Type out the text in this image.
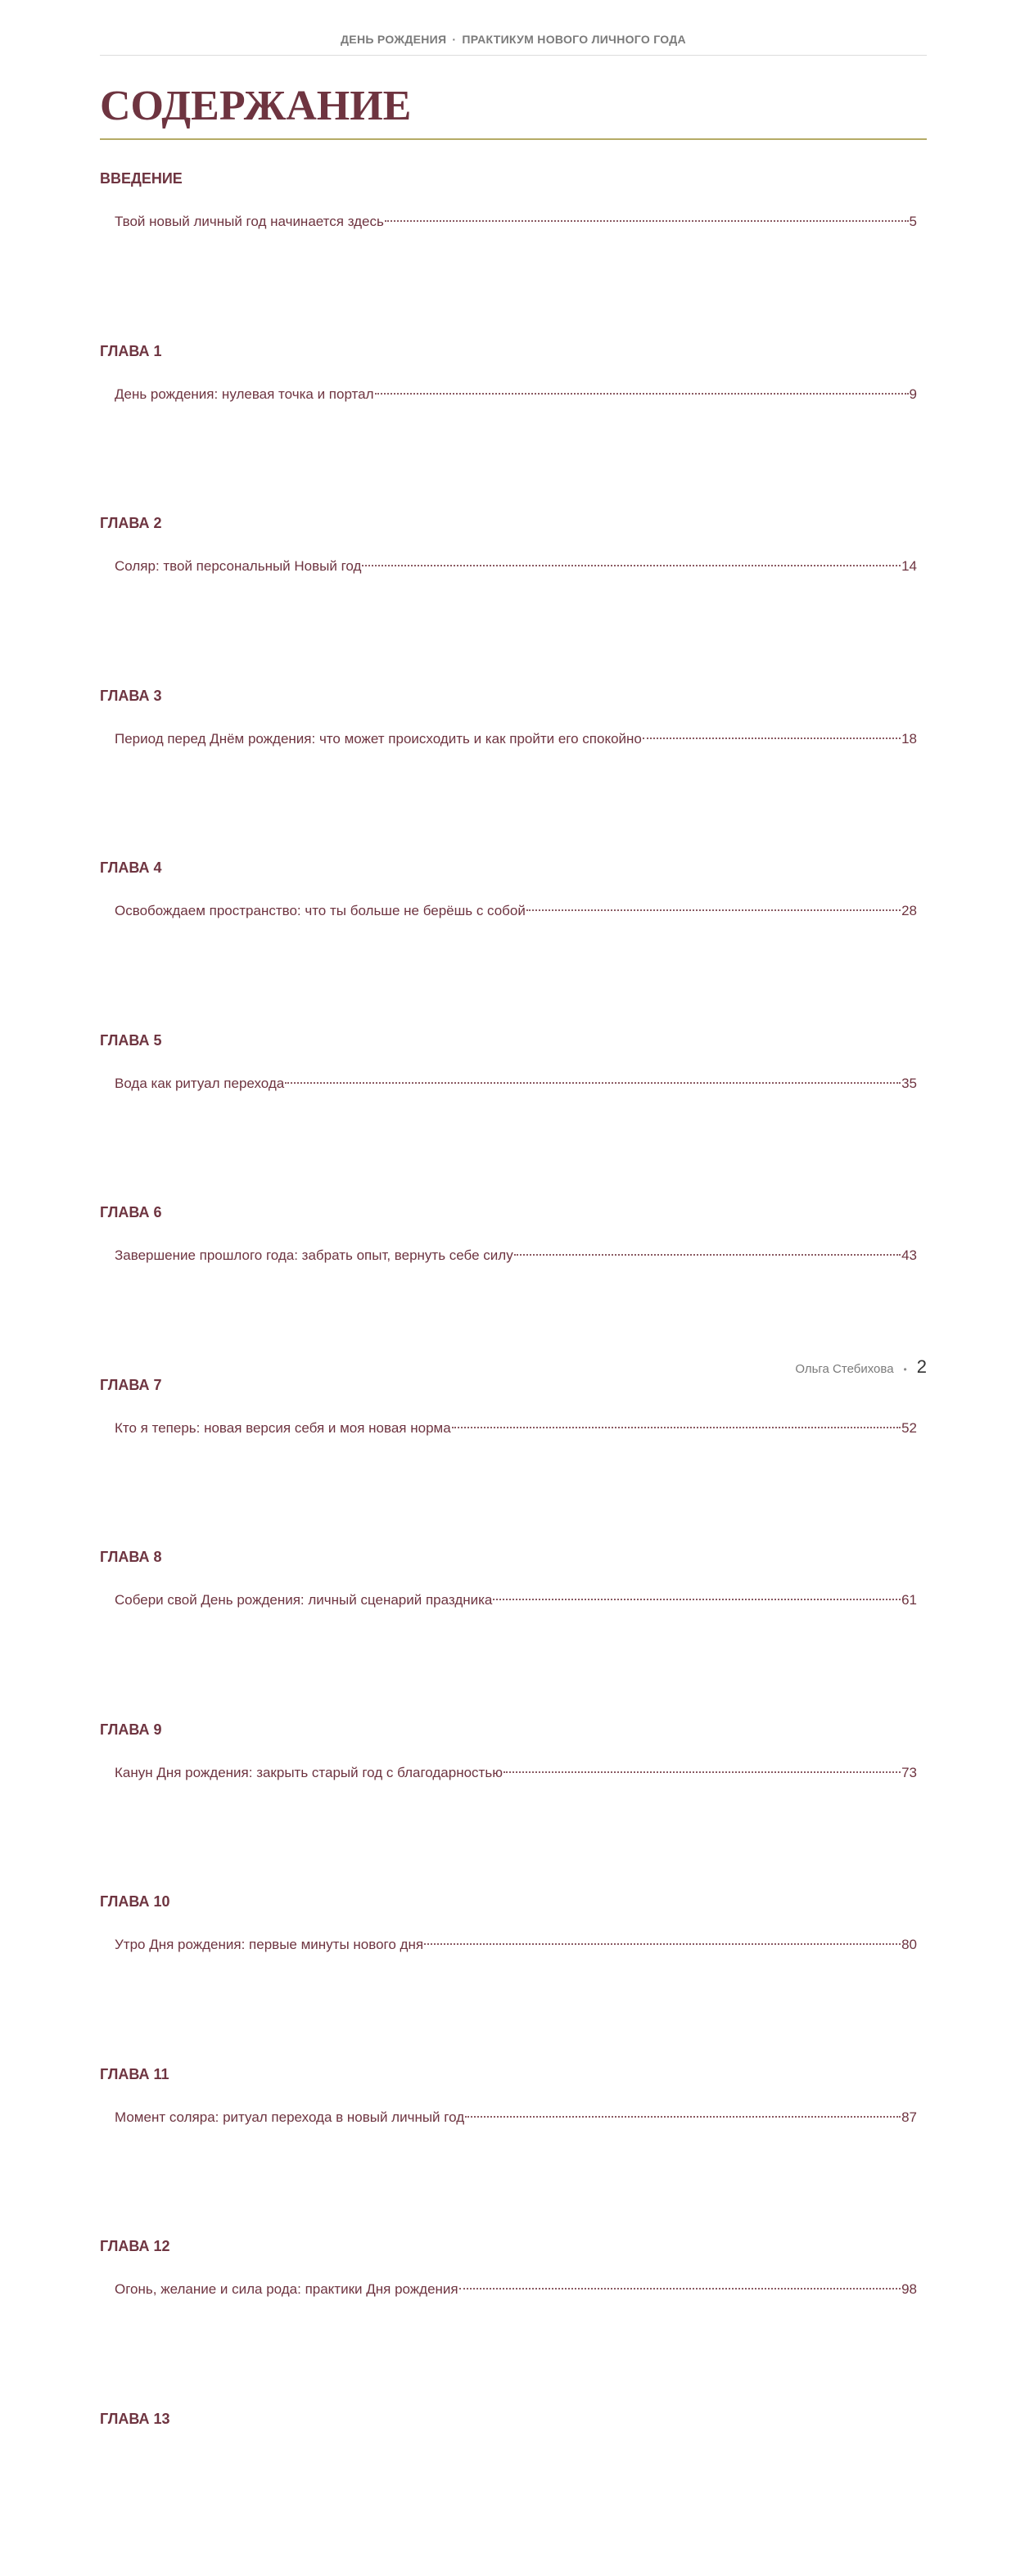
ДЕНЬ РОЖДЕНИЯ · ПРАКТИКУМ НОВОГО ЛИЧНОГО ГОДА
СОДЕРЖАНИЕ
ВВЕДЕНИЕ
Твой новый личный год начинается здесь	5
ГЛАВА 1
День рождения: нулевая точка и портал	9
ГЛАВА 2
Соляр: твой персональный Новый год	14
ГЛАВА 3
Период перед Днём рождения: что может происходить и как пройти его спокойно	18
ГЛАВА 4
Освобождаем пространство: что ты больше не берёшь с собой	28
ГЛАВА 5
Вода как ритуал перехода	35
ГЛАВА 6
Завершение прошлого года: забрать опыт, вернуть себе силу	43
ГЛАВА 7
Кто я теперь: новая версия себя и моя новая норма	52
ГЛАВА 8
Собери свой День рождения: личный сценарий праздника	61
ГЛАВА 9
Канун Дня рождения: закрыть старый год с благодарностью	73
ГЛАВА 10
Утро Дня рождения: первые минуты нового дня	80
ГЛАВА 11
Момент соляра: ритуал перехода в новый личный год	87
ГЛАВА 12
Огонь, желание и сила рода: практики Дня рождения	98
ГЛАВА 13
Ольга Стебихова • 2
